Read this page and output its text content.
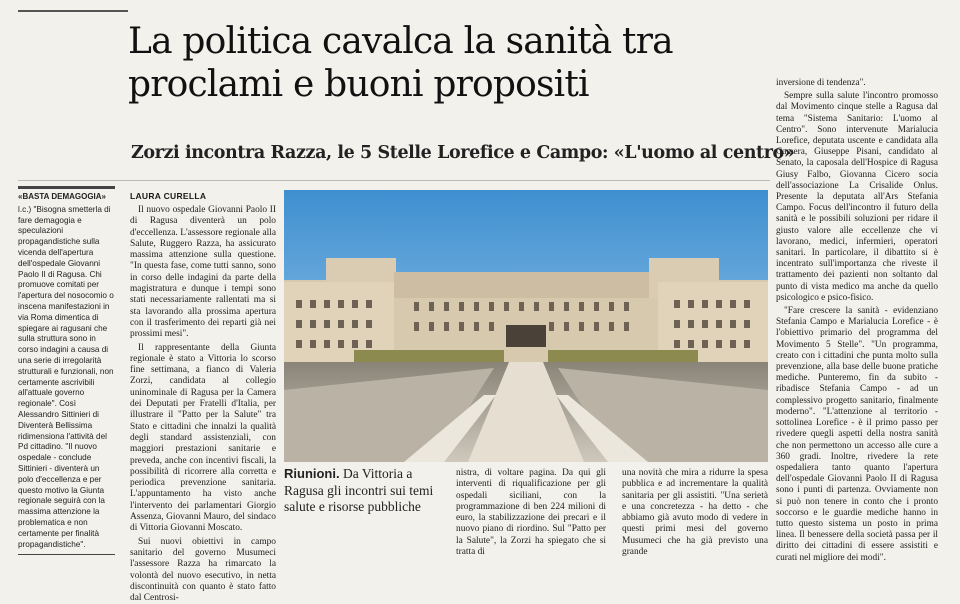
La politica cavalca la sanità tra proclami e buoni propositi
Zorzi incontra Razza, le 5 Stelle Lorefice e Campo: «L'uomo al centro»
«BASTA DEMAGOGIA»
l.c.) "Bisogna smetterla di fare demagogia e speculazioni propagandistiche sulla vicenda dell'apertura dell'ospedale Giovanni Paolo II di Ragusa. Chi promuove comitati per l'apertura del nosocomio o inscena manifestazioni in via Roma dimentica di spiegare ai ragusani che sulla struttura sono in corso indagini a causa di una serie di irregolarità strutturali e funzionali, non certamente ascrivibili all'attuale governo regionale". Così Alessandro Sittinieri di Diventerà Bellissima ridimensiona l'attività del Pd cittadino. "Il nuovo ospedale - conclude Sittinieri - diventerà un polo d'eccellenza e per questo motivo la Giunta regionale seguirà con la massima attenzione la problematica e non certamente per finalità propagandistiche".
LAURA CURELLA

Il nuovo ospedale Giovanni Paolo II di Ragusa diventerà un polo d'eccellenza. L'assessore regionale alla Salute, Ruggero Razza, ha assicurato massima attenzione sulla questione. "In questa fase, come tutti sanno, sono in corso delle indagini da parte della magistratura e dunque i tempi sono stati necessariamente rallentati ma si sta lavorando alla prossima apertura con il trasferimento dei reparti già nei prossimi mesi".

Il rappresentante della Giunta regionale è stato a Vittoria lo scorso fine settimana, a fianco di Valeria Zorzi, candidata al collegio uninominale di Ragusa per la Camera dei Deputati per Fratelli d'Italia, per illustrare il "Patto per la Salute" tra Stato e cittadini che innalzi la qualità degli standard assistenziali, con maggiori prestazioni sanitarie e preveda, anche con incentivi fiscali, la possibilità di ricorrere alla corretta e periodica prevenzione sanitaria. L'appuntamento ha visto anche l'intervento dei parlamentari Giorgio Assenza, Giovanni Mauro, del sindaco di Vittoria Giovanni Moscato.

Sui nuovi obiettivi in campo sanitario del governo Musumeci l'assessore Razza ha rimarcato la volontà del nuovo esecutivo, in netta discontinuità con quanto è stato fatto dal Centrosi-

Riunioni. Da Vittoria a Ragusa gli incontri sui temi salute e risorse pubbliche

nistra, di voltare pagina. Da qui gli interventi di riqualificazione per gli ospedali siciliani, con la programmazione di ben 224 milioni di euro, la stabilizzazione dei precari e il nuovo piano di riordino. Sul "Patto per la Salute", la Zorzi ha spiegato che si tratta di

una novità che mira a ridurre la spesa pubblica e ad incrementare la qualità sanitaria per gli assistiti. "Una serietà e una concretezza - ha detto - che abbiamo già avuto modo di vedere in questi primi mesi del governo Musumeci che ha già previsto una grande

inversione di tendenza".

Sempre sulla salute l'incontro promosso dal Movimento cinque stelle a Ragusa dal tema "Sistema Sanitario: L'uomo al Centro". Sono intervenute Marialucia Lorefice, deputata uscente e candidata alla Camera, Giuseppe Pisani, candidato al Senato, la caposala dell'Hospice di Ragusa Giusy Falbo, Giovanna Cicero socia dell'associazione La Crisalide Onlus. Presente la deputata all'Ars Stefania Campo. Focus dell'incontro il futuro della sanità e le possibili soluzioni per ridare il giusto valore alle eccellenze che vi lavorano, medici, infermieri, operatori sanitari. In particolare, il dibattito si è incentrato sull'importanza che riveste il trattamento dei pazienti non soltanto dal punto di vista medico ma anche da quello psicologico e psico-fisico.

"Fare crescere la sanità - evidenziano Stefania Campo e Marialucia Lorefice - è l'obiettivo primario del programma del Movimento 5 Stelle". "Un programma, creato con i cittadini che punta molto sulla prevenzione, alla base delle buone pratiche mediche. Punteremo, fin da subito - ribadisce Stefania Campo - ad un complessivo progetto sanitario, finalmente moderno". "L'attenzione al territorio - sottolinea Lorefice - è il primo passo per rivedere quegli aspetti della nostra sanità che non permettono un accesso alle cure a 360 gradi. Inoltre, rivedere la rete ospedaliera tanto quanto l'apertura dell'ospedale Giovanni Paolo II di Ragusa sono i punti di partenza. Ovviamente non si può non tenere in conto che i pronto soccorso e le guardie mediche hanno in tutto questo sistema un posto in prima linea. Il benessere della società passa per il diritto dei cittadini di essere assistiti e curati nel migliore dei modi".
